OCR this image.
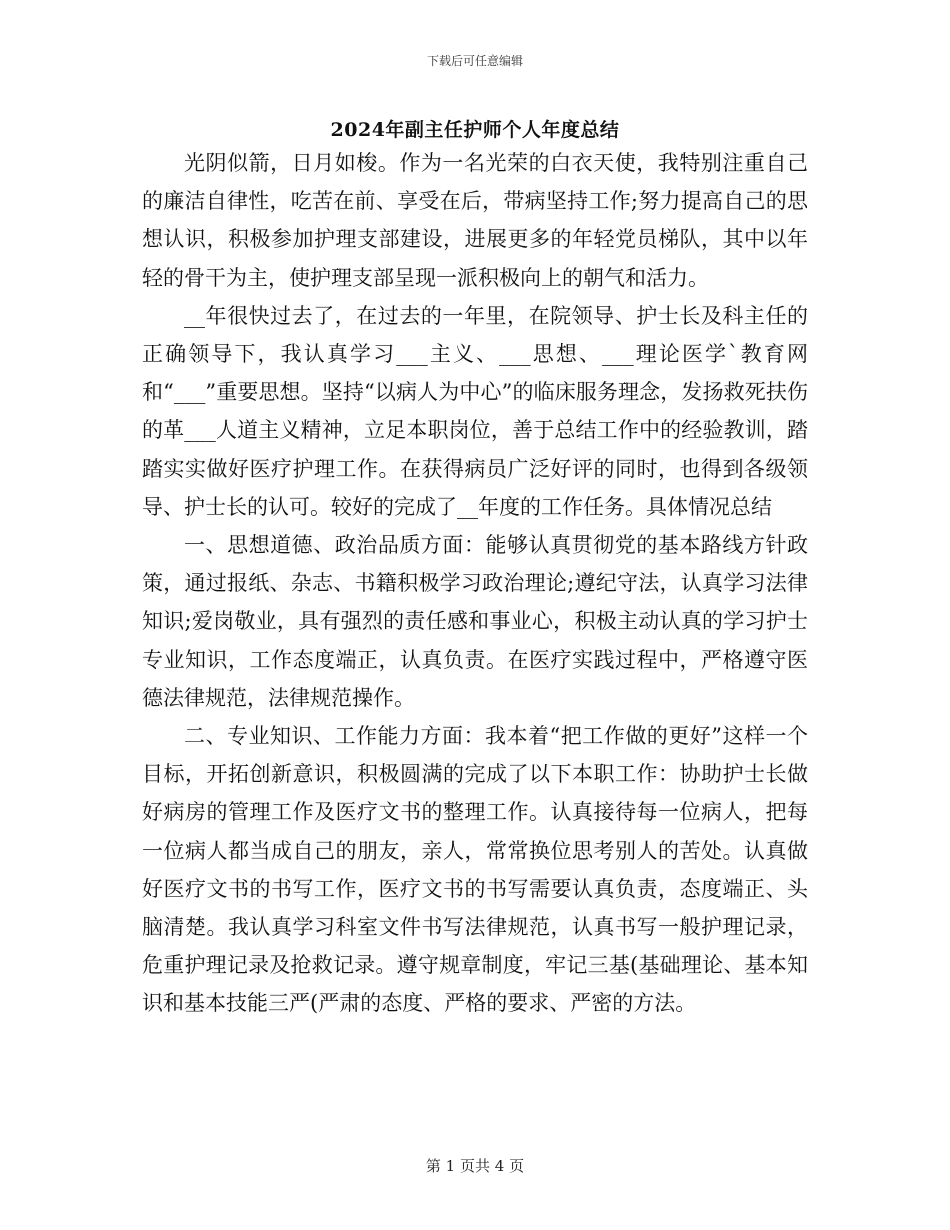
下载后可任意编辑
2024年副主任护师个人年度总结

光阴似箭，日月如梭。作为一名光荣的白衣天使，我特别注重自己的廉洁自律性，吃苦在前、享受在后，带病坚持工作;努力提高自己的思想认识，积极参加护理支部建设，进展更多的年轻党员梯队，其中以年轻的骨干为主，使护理支部呈现一派积极向上的朝气和活力。

__年很快过去了，在过去的一年里，在院领导、护士长及科主任的正确领导下，我认真学习___主义、___思想、___理论医学`教育网和“___”重要思想。坚持“以病人为中心”的临床服务理念，发扬救死扶伤的革___人道主义精神，立足本职岗位，善于总结工作中的经验教训，踏踏实实做好医疗护理工作。在获得病员广泛好评的同时，也得到各级领导、护士长的认可。较好的完成了__年度的工作任务。具体情况总结

一、思想道德、政治品质方面：能够认真贯彻党的基本路线方针政策，通过报纸、杂志、书籍积极学习政治理论;遵纪守法，认真学习法律知识;爱岗敬业，具有强烈的责任感和事业心，积极主动认真的学习护士专业知识，工作态度端正，认真负责。在医疗实践过程中，严格遵守医德法律规范，法律规范操作。

二、专业知识、工作能力方面：我本着“把工作做的更好”这样一个目标，开拓创新意识，积极圆满的完成了以下本职工作：协助护士长做好病房的管理工作及医疗文书的整理工作。认真接待每一位病人，把每一位病人都当成自己的朋友，亲人，常常换位思考别人的苦处。认真做好医疗文书的书写工作，医疗文书的书写需要认真负责，态度端正、头脑清楚。我认真学习科室文件书写法律规范，认真书写一般护理记录，危重护理记录及抢救记录。遵守规章制度，牢记三基(基础理论、基本知识和基本技能三严(严肃的态度、严格的要求、严密的方法。

第 1 页共 4 页
